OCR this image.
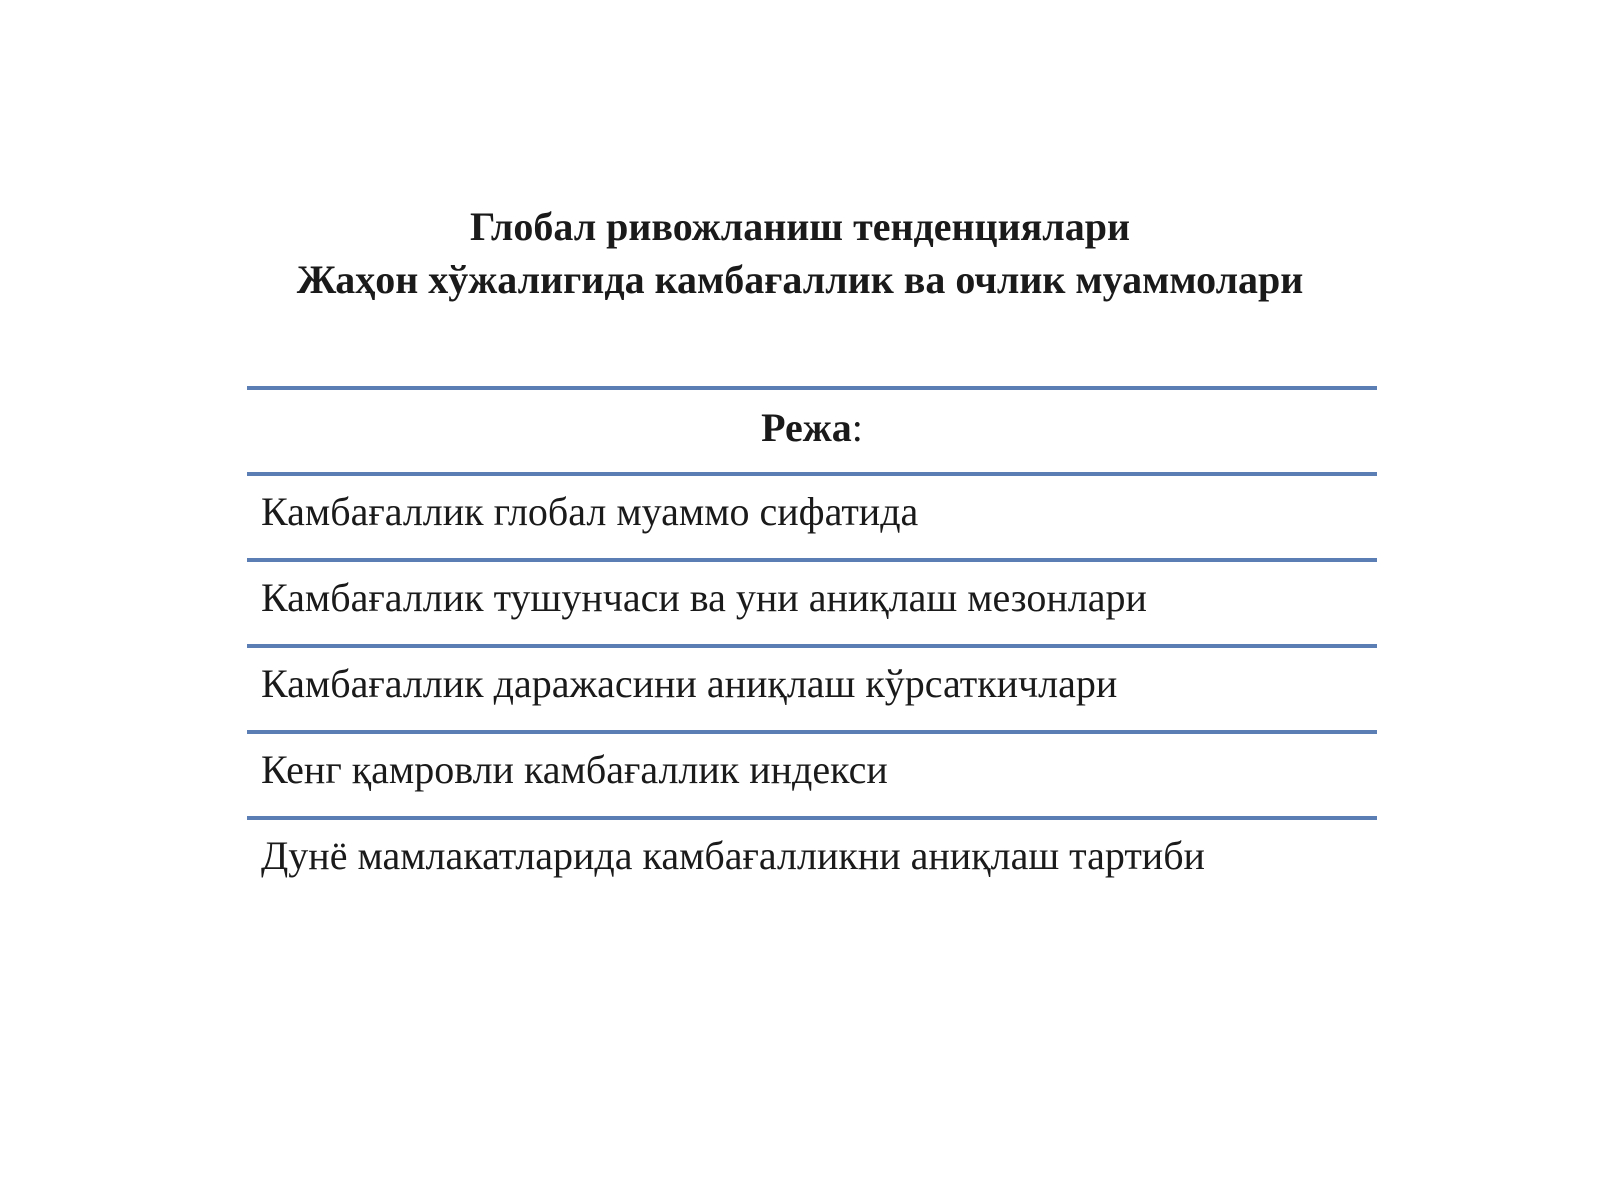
Глобал ривожланиш тенденциялари
Жаҳон хўжалигида камбағаллик ва очлик муаммолари
Режа:
Камбағаллик глобал муаммо сифатида
Камбағаллик тушунчаси ва уни аниқлаш мезонлари
Камбағаллик даражасини аниқлаш кўрсаткичлари
Кенг қамровли камбағаллик индекси
Дунё мамлакатларида камбағалликни аниқлаш тартиби
